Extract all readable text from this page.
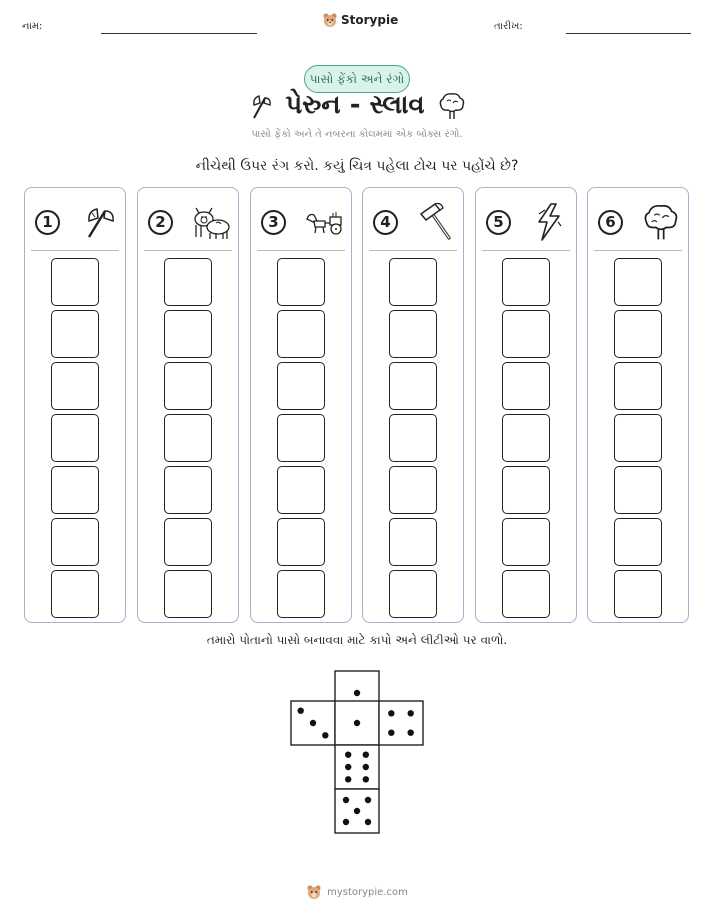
નામ:	Storypie	તારીખ:
પાસો ફેંકો અને રંગો
પેરુન - સ્લાવ
પાસો ફેંકો અને તે નંબરના કોલમમાં એક બોક્સ રંગો.
નીચેથી ઉપર રંગ કરો. કયું ચિત્ર પહેલા ટોચ પર પહોંચે છે?
1	2	3	4	5	6
તમારો પોતાનો પાસો બનાવવા માટે કાપો અને લીટીઓ પર વાળો.
mystorypie.com
